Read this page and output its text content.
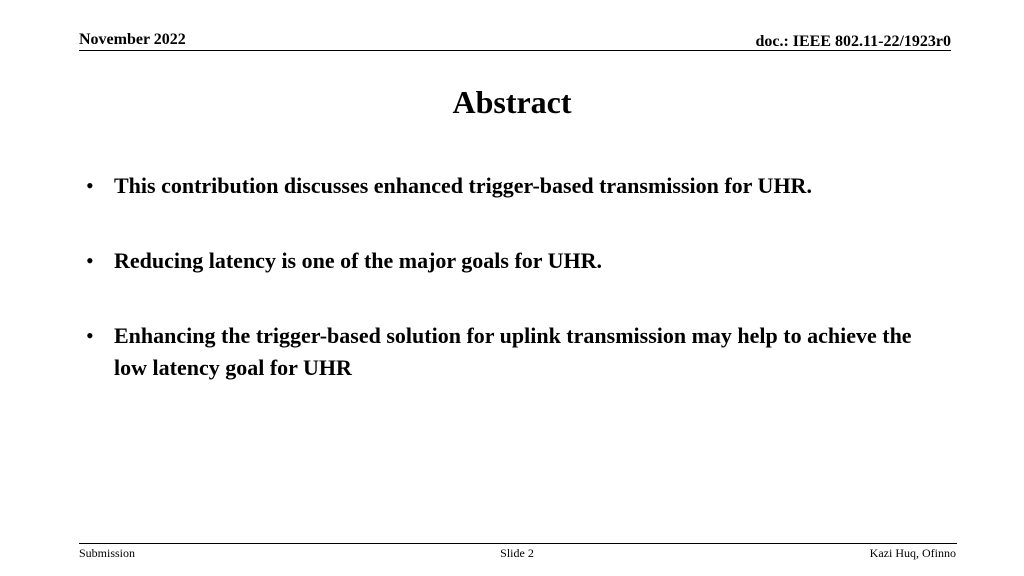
November 2022	doc.: IEEE 802.11-22/1923r0
Abstract
• This contribution discusses enhanced trigger-based transmission for UHR.
• Reducing latency is one of the major goals for UHR.
• Enhancing the trigger-based solution for uplink transmission may help to achieve the low latency goal for UHR
Submission	Slide 2	Kazi Huq, Ofinno
